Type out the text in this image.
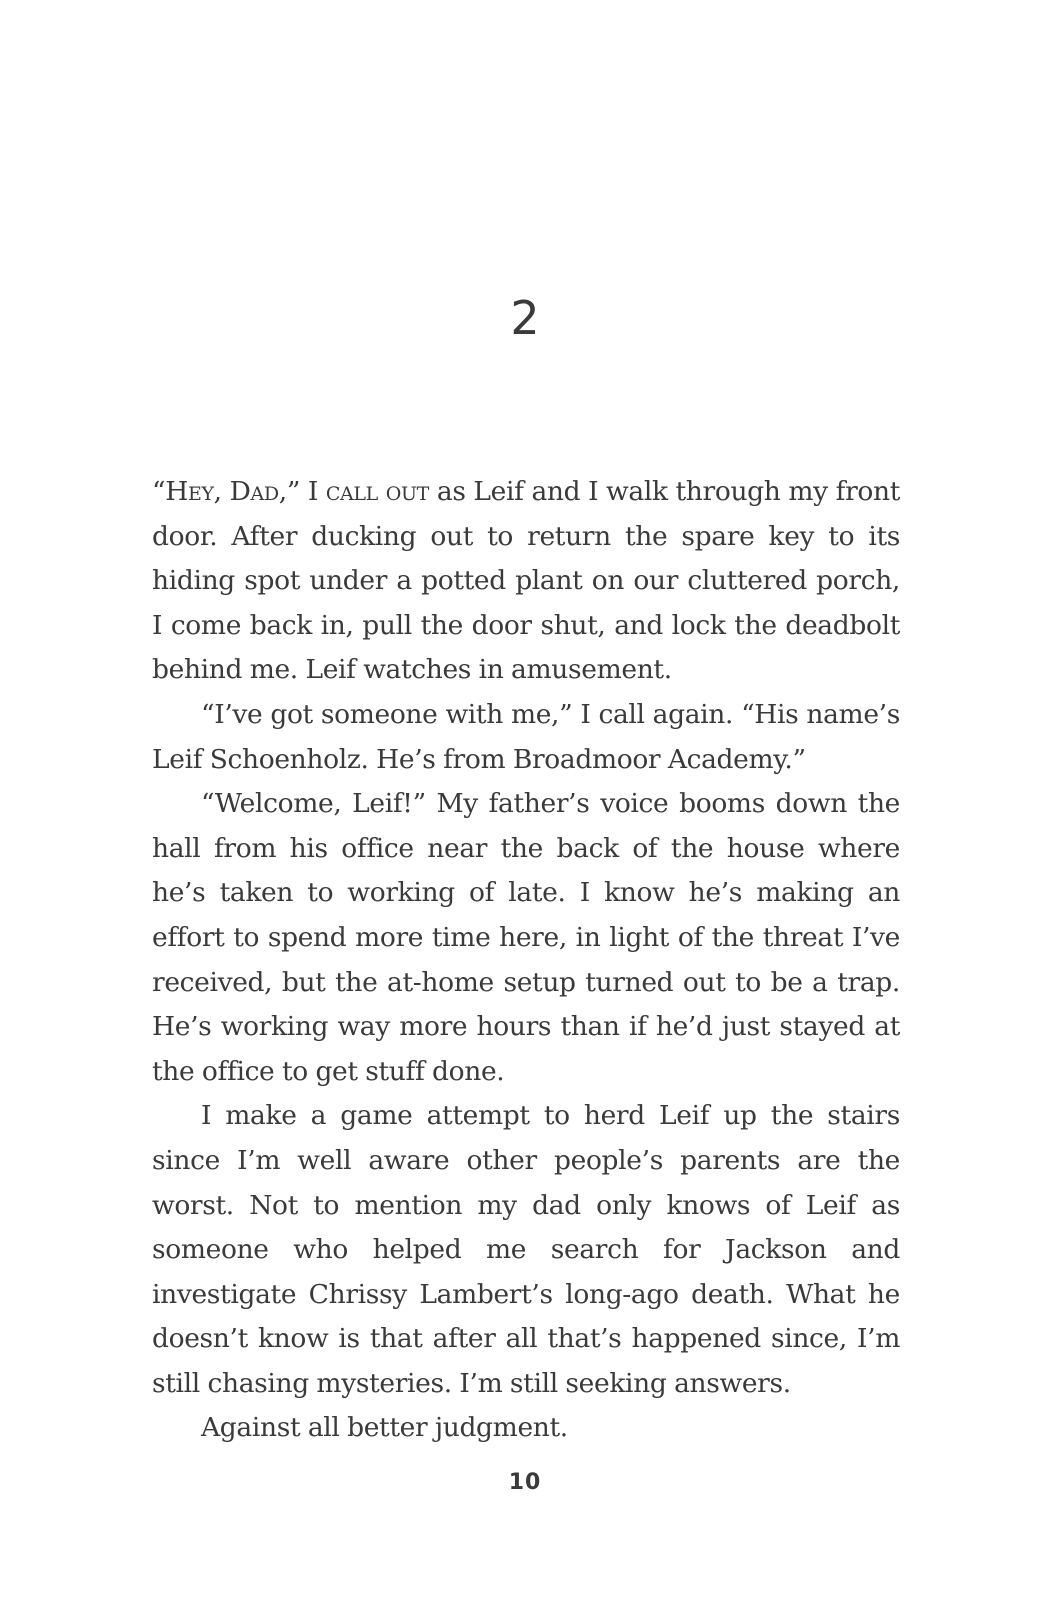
2

“Hey, Dad,” I call out as Leif and I walk through my front door. After ducking out to return the spare key to its hiding spot under a potted plant on our cluttered porch, I come back in, pull the door shut, and lock the deadbolt behind me. Leif watches in amusement.

“I’ve got someone with me,” I call again. “His name’s Leif Schoenholz. He’s from Broadmoor Academy.”

“Welcome, Leif!” My father’s voice booms down the hall from his office near the back of the house where he’s taken to working of late. I know he’s making an effort to spend more time here, in light of the threat I’ve received, but the at-home setup turned out to be a trap. He’s working way more hours than if he’d just stayed at the office to get stuff done.

I make a game attempt to herd Leif up the stairs since I’m well aware other people’s parents are the worst. Not to mention my dad only knows of Leif as someone who helped me search for Jackson and investigate Chrissy Lambert’s long-ago death. What he doesn’t know is that after all that’s happened since, I’m still chasing mysteries. I’m still seeking answers.

Against all better judgment.

10
